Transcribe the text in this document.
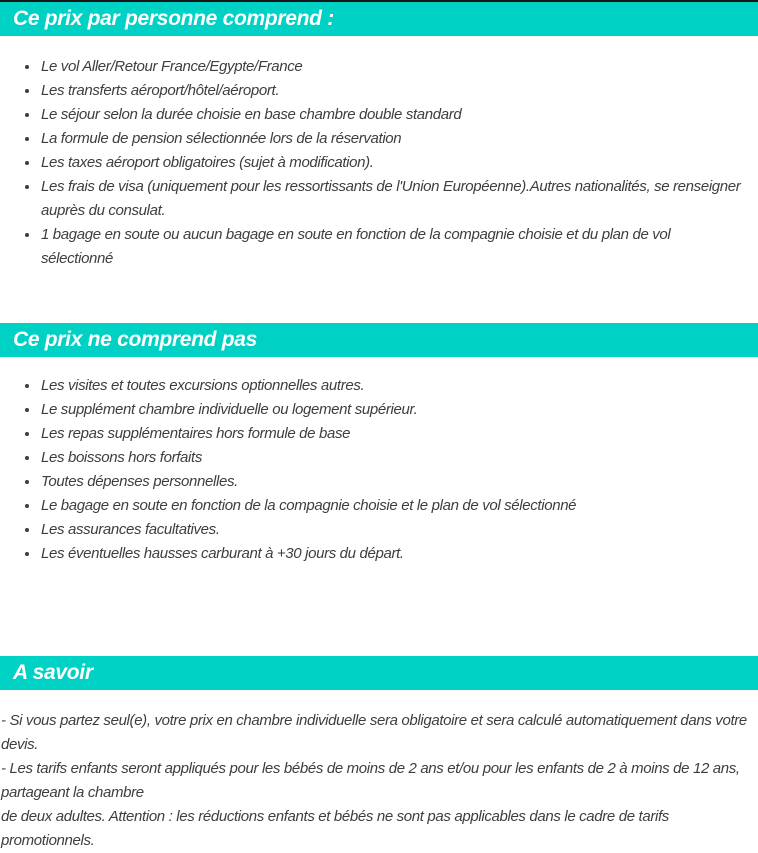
Ce prix par personne comprend :
• Le vol Aller/Retour France/Egypte/France
• Les transferts aéroport/hôtel/aéroport.
• Le séjour selon la durée choisie en base chambre double standard
• La formule de pension sélectionnée lors de la réservation
• Les taxes aéroport obligatoires (sujet à modification).
• Les frais de visa (uniquement pour les ressortissants de l'Union Européenne).Autres nationalités, se renseigner auprès du consulat.
• 1 bagage en soute ou aucun bagage en soute en fonction de la compagnie choisie et du plan de vol sélectionné
Ce prix ne comprend pas
• Les visites et toutes excursions optionnelles autres.
• Le supplément chambre individuelle ou logement supérieur.
• Les repas supplémentaires hors formule de base
• Les boissons hors forfaits
• Toutes dépenses personnelles.
• Le bagage en soute en fonction de la compagnie choisie et le plan de vol sélectionné
• Les assurances facultatives.
• Les éventuelles hausses carburant à +30 jours du départ.
A savoir

- Si vous partez seul(e), votre prix en chambre individuelle sera obligatoire et sera calculé automatiquement dans votre devis.

- Les tarifs enfants seront appliqués pour les bébés de moins de 2 ans et/ou pour les enfants de 2 à moins de 12 ans, partageant la chambre

de deux adultes. Attention : les réductions enfants et bébés ne sont pas applicables dans le cadre de tarifs promotionnels.
